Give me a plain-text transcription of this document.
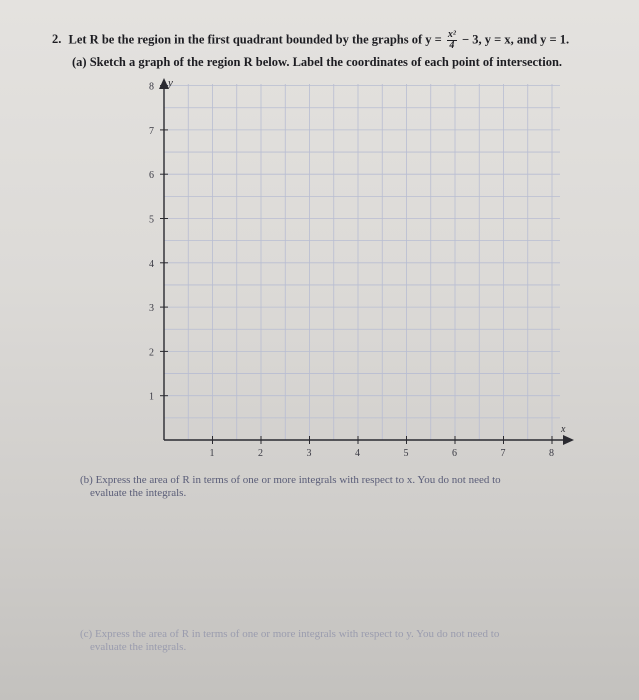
2. Let R be the region in the first quadrant bounded by the graphs of $y = \frac{\text{x²}}{4} - 3$, y = x, and y = 1.
(a) Sketch a graph of the region R below. Label the coordinates of each point of intersection.
1	2	3	4	5	6	7	8
1
2
3
4
5
6
7
8
x
y
(b) Express the area of R in terms of one or more integrals with respect to x. You do not need to
evaluate the integrals.
(c) Express the area of R in terms of one or more integrals with respect to y. You do not need to
evaluate the integrals.
